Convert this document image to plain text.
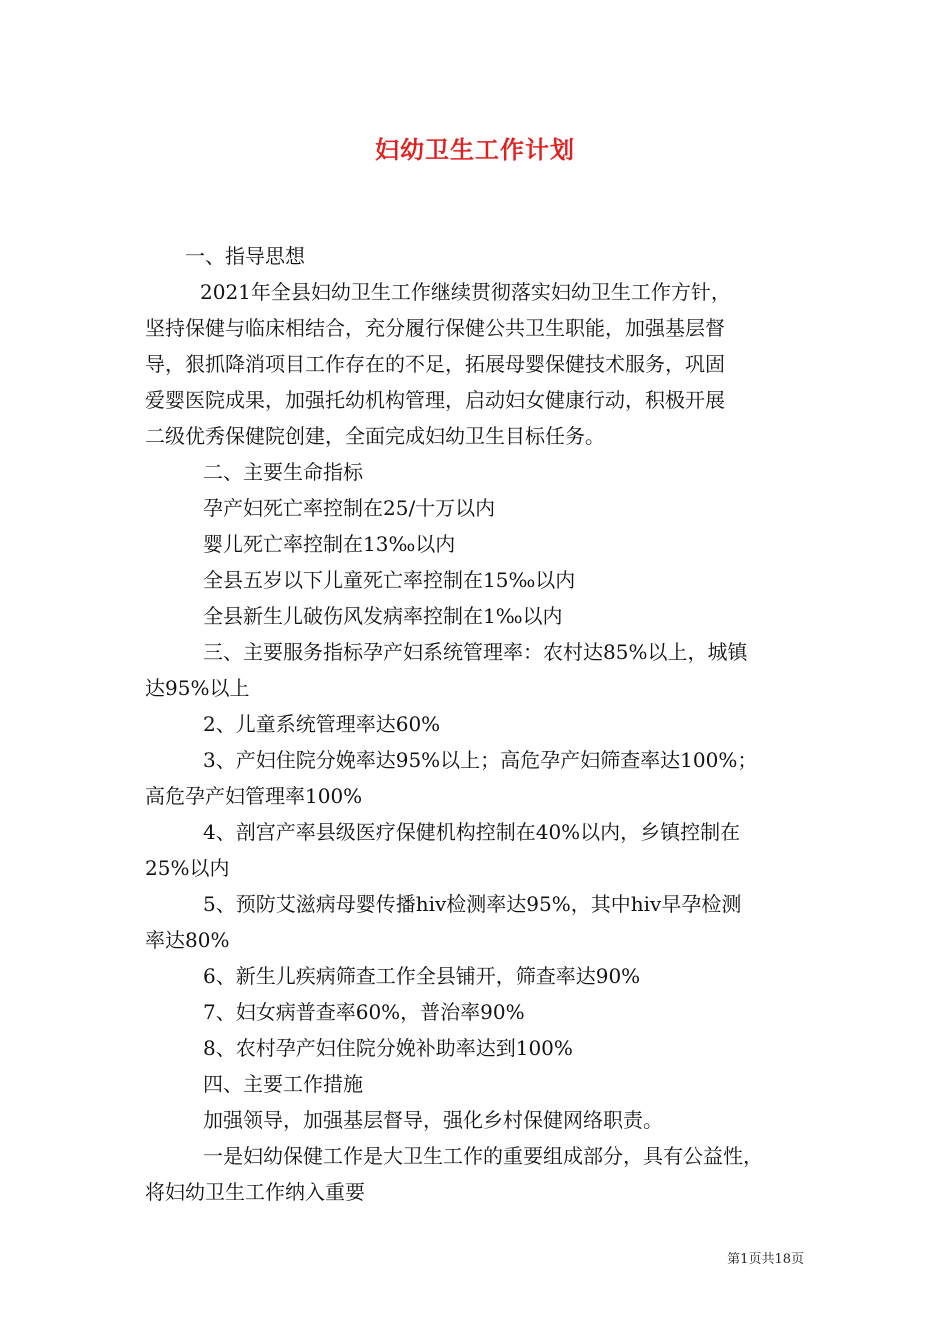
妇幼卫生工作计划
一、指导思想
2021年全县妇幼卫生工作继续贯彻落实妇幼卫生工作方针，
坚持保健与临床相结合，充分履行保健公共卫生职能，加强基层督
导，狠抓降消项目工作存在的不足，拓展母婴保健技术服务，巩固
爱婴医院成果，加强托幼机构管理，启动妇女健康行动，积极开展
二级优秀保健院创建，全面完成妇幼卫生目标任务。
二、主要生命指标
孕产妇死亡率控制在25/十万以内
婴儿死亡率控制在13‰以内
全县五岁以下儿童死亡率控制在15‰以内
全县新生儿破伤风发病率控制在1‰以内
三、主要服务指标孕产妇系统管理率：农村达85%以上，城镇
达95%以上
2、儿童系统管理率达60%
3、产妇住院分娩率达95%以上；高危孕产妇筛查率达100%；
高危孕产妇管理率100%
4、剖宫产率县级医疗保健机构控制在40%以内，乡镇控制在
25%以内
5、预防艾滋病母婴传播hiv检测率达95%，其中hiv早孕检测
率达80%
6、新生儿疾病筛查工作全县铺开，筛查率达90%
7、妇女病普查率60%，普治率90%
8、农村孕产妇住院分娩补助率达到100%
四、主要工作措施
加强领导，加强基层督导，强化乡村保健网络职责。
一是妇幼保健工作是大卫生工作的重要组成部分，具有公益性，
将妇幼卫生工作纳入重要
第1页共18页
